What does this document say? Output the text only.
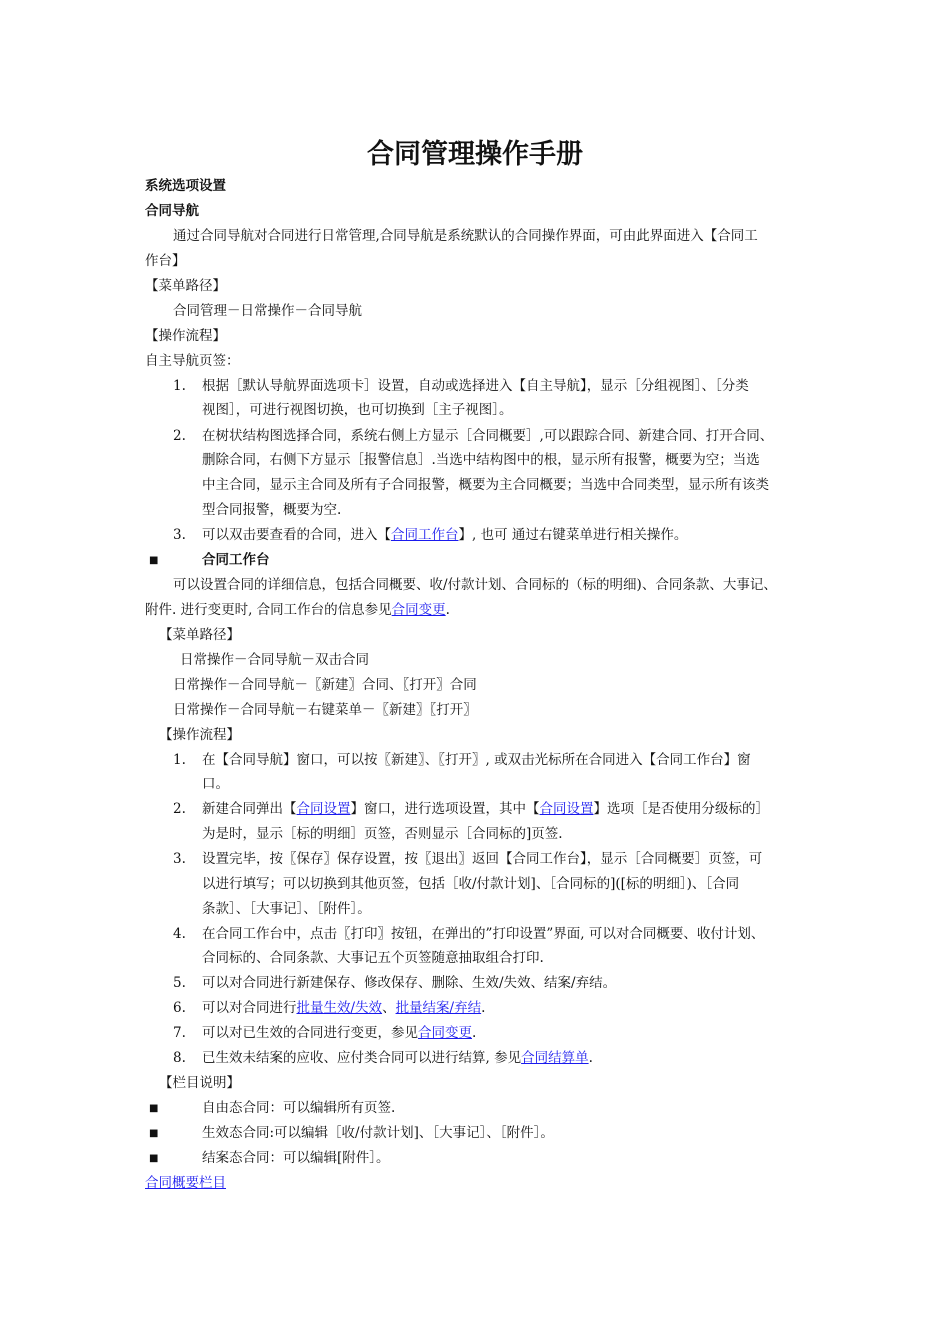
合同管理操作手册
系统选项设置
合同导航
通过合同导航对合同进行日常管理,合同导航是系统默认的合同操作界面，可由此界面进入【合同工
作台】
【菜单路径】
合同管理－日常操作－合同导航
【操作流程】
自主导航页签：
1. 根据［默认导航界面选项卡］设置，自动或选择进入【自主导航】，显示［分组视图］、［分类
视图］，可进行视图切换，也可切换到［主子视图］。
2. 在树状结构图选择合同，系统右侧上方显示［合同概要］,可以跟踪合同、新建合同、打开合同、
删除合同，右侧下方显示［报警信息］.当选中结构图中的根，显示所有报警，概要为空；当选
中主合同，显示主合同及所有子合同报警，概要为主合同概要；当选中合同类型，显示所有该类
型合同报警，概要为空.
3. 可以双击要查看的合同，进入【合同工作台】, 也可 通过右键菜单进行相关操作。
■	合同工作台
可以设置合同的详细信息，包括合同概要、收/付款计划、合同标的（标的明细)、合同条款、大事记、
附件. 进行变更时, 合同工作台的信息参见合同变更.
【菜单路径】
日常操作－合同导航－双击合同
日常操作－合同导航－〖新建〗合同、〖打开〗合同
日常操作－合同导航－右键菜单－〖新建〗〖打开〗
【操作流程】
1. 在【合同导航】窗口，可以按〖新建〗、〖打开〗, 或双击光标所在合同进入【合同工作台】窗
口。
2. 新建合同弹出【合同设置】窗口，进行选项设置，其中【合同设置】选项［是否使用分级标的］
为是时，显示［标的明细］页签，否则显示［合同标的]页签.
3. 设置完毕，按〖保存〗保存设置，按〖退出〗返回【合同工作台】，显示［合同概要］页签，可
以进行填写；可以切换到其他页签，包括［收/付款计划]、［合同标的]([标的明细］)、［合同
条款］、［大事记］、［附件］。
4. 在合同工作台中，点击〖打印〗按钮，在弹出的”打印设置”界面, 可以对合同概要、收付计划、
合同标的、合同条款、大事记五个页签随意抽取组合打印.
5. 可以对合同进行新建保存、修改保存、删除、生效/失效、结案/弃结。
6. 可以对合同进行批量生效/失效、批量结案/弃结.
7. 可以对已生效的合同进行变更，参见合同变更.
8. 已生效未结案的应收、应付类合同可以进行结算, 参见合同结算单.
【栏目说明】
■	自由态合同：可以编辑所有页签.
■	生效态合同:可以编辑［收/付款计划]、［大事记］、［附件］。
■	结案态合同：可以编辑[附件］。
合同概要栏目
